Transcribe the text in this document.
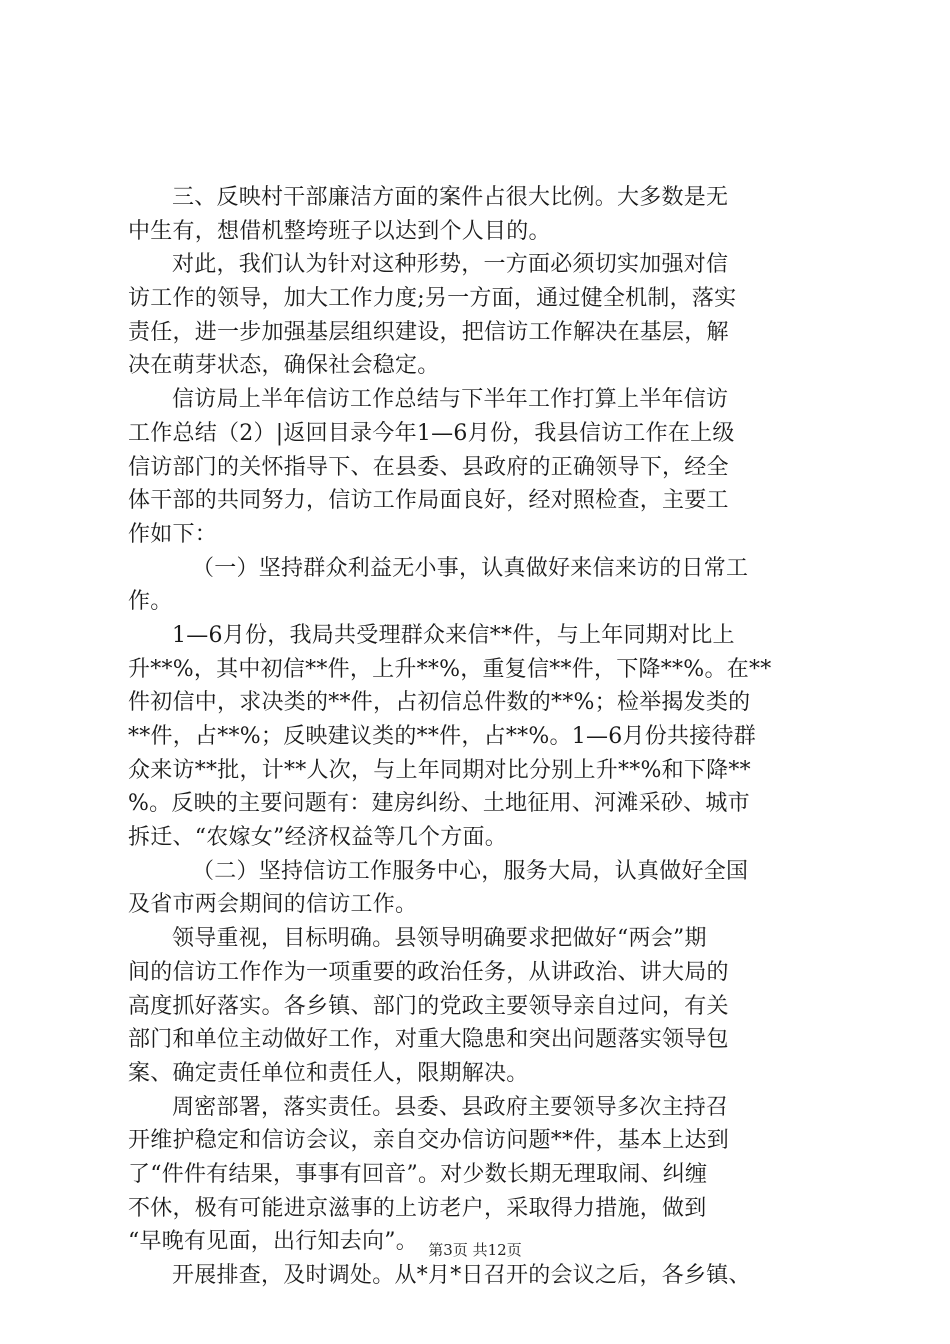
三、反映村干部廉洁方面的案件占很大比例。大多数是无
中生有，想借机整垮班子以达到个人目的。
对此，我们认为针对这种形势，一方面必须切实加强对信
访工作的领导，加大工作力度;另一方面，通过健全机制，落实
责任，进一步加强基层组织建设，把信访工作解决在基层，解
决在萌芽状态，确保社会稳定。
信访局上半年信访工作总结与下半年工作打算上半年信访
工作总结（2）|返回目录今年1—6月份，我县信访工作在上级
信访部门的关怀指导下、在县委、县政府的正确领导下，经全
体干部的共同努力，信访工作局面良好，经对照检查，主要工
作如下：
（一）坚持群众利益无小事，认真做好来信来访的日常工
作。
1—6月份，我局共受理群众来信**件，与上年同期对比上
升**%，其中初信**件，上升**%，重复信**件，下降**%。在**
件初信中，求决类的**件，占初信总件数的**%；检举揭发类的
**件，占**%；反映建议类的**件，占**%。1—6月份共接待群
众来访**批，计**人次，与上年同期对比分别上升**%和下降**
%。反映的主要问题有：建房纠纷、土地征用、河滩采砂、城市
拆迁、“农嫁女”经济权益等几个方面。
（二）坚持信访工作服务中心，服务大局，认真做好全国
及省市两会期间的信访工作。
领导重视，目标明确。县领导明确要求把做好“两会”期
间的信访工作作为一项重要的政治任务，从讲政治、讲大局的
高度抓好落实。各乡镇、部门的党政主要领导亲自过问，有关
部门和单位主动做好工作，对重大隐患和突出问题落实领导包
案、确定责任单位和责任人，限期解决。
周密部署，落实责任。县委、县政府主要领导多次主持召
开维护稳定和信访会议，亲自交办信访问题**件，基本上达到
了“件件有结果，事事有回音”。对少数长期无理取闹、纠缠
不休，极有可能进京滋事的上访老户，采取得力措施，做到
“早晚有见面，出行知去向”。
开展排查，及时调处。从*月*日召开的会议之后，各乡镇、
第3页 共12页
